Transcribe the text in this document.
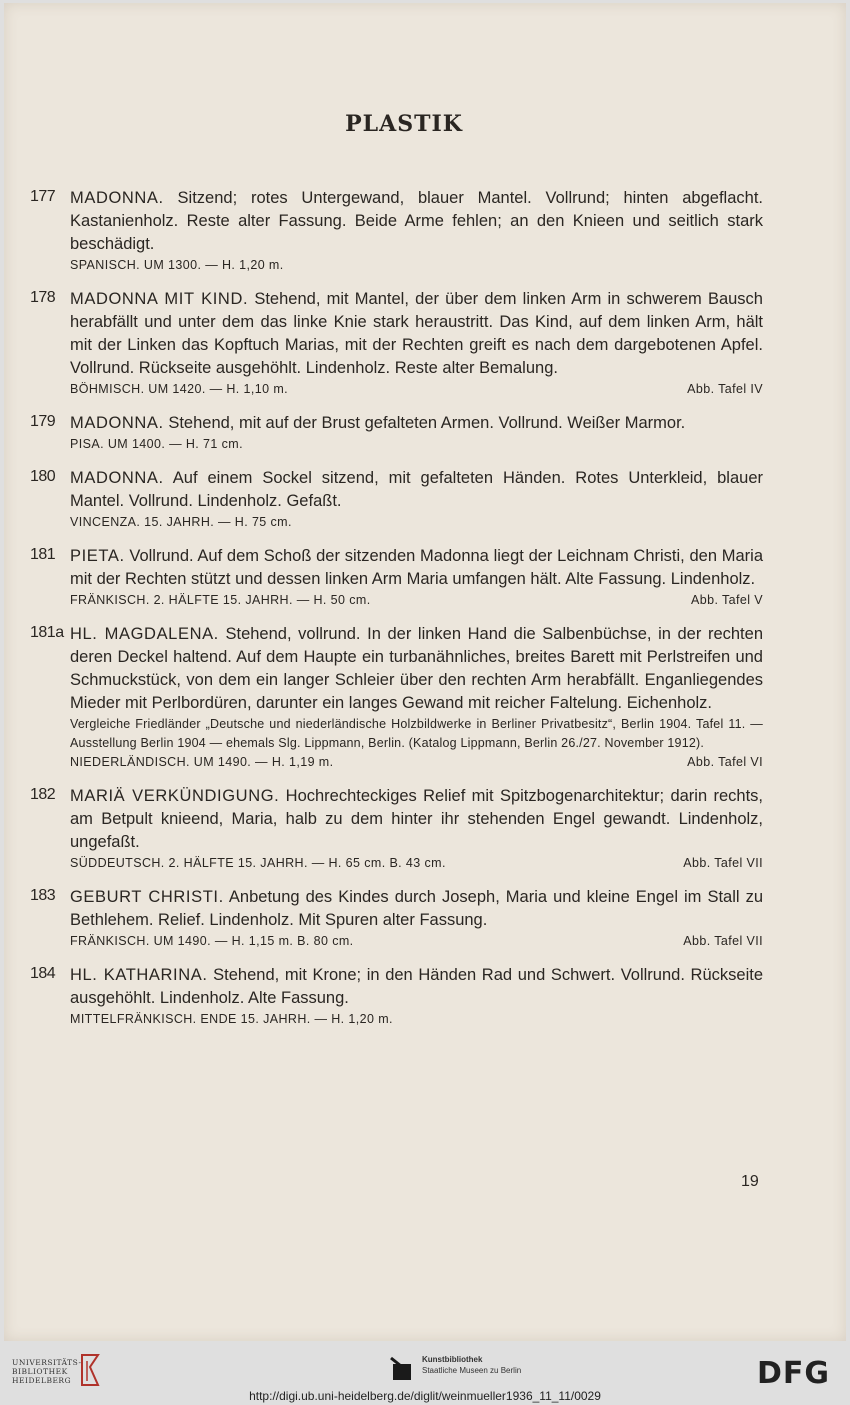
PLASTIK
177 MADONNA. Sitzend; rotes Untergewand, blauer Mantel. Vollrund; hinten abgeflacht. Kastanienholz. Reste alter Fassung. Beide Arme fehlen; an den Knieen und seitlich stark beschädigt.

SPANISCH. UM 1300. — H. 1,20 m.
178 MADONNA MIT KIND. Stehend, mit Mantel, der über dem linken Arm in schwerem Bausch herabfällt und unter dem das linke Knie stark heraustritt. Das Kind, auf dem linken Arm, hält mit der Linken das Kopftuch Marias, mit der Rechten greift es nach dem dargebotenen Apfel. Vollrund. Rückseite ausgehöhlt. Lindenholz. Reste alter Bemalung.

BÖHMISCH. UM 1420. — H. 1,10 m.	Abb. Tafel IV
179 MADONNA. Stehend, mit auf der Brust gefalteten Armen. Vollrund. Weißer Marmor.

PISA. UM 1400. — H. 71 cm.
180 MADONNA. Auf einem Sockel sitzend, mit gefalteten Händen. Rotes Unterkleid, blauer Mantel. Vollrund. Lindenholz. Gefaßt.

VINCENZA. 15. JAHRH. — H. 75 cm.
181 PIETA. Vollrund. Auf dem Schoß der sitzenden Madonna liegt der Leichnam Christi, den Maria mit der Rechten stützt und dessen linken Arm Maria umfangen hält. Alte Fassung. Lindenholz.

FRÄNKISCH. 2. HÄLFTE 15. JAHRH. — H. 50 cm.	Abb. Tafel V
181a HL. MAGDALENA. Stehend, vollrund. In der linken Hand die Salbenbüchse, in der rechten deren Deckel haltend. Auf dem Haupte ein turbanähnliches, breites Barett mit Perlstreifen und Schmuckstück, von dem ein langer Schleier über den rechten Arm herabfällt. Enganliegendes Mieder mit Perlbordüren, darunter ein langes Gewand mit reicher Faltelung. Eichenholz.

Vergleiche Friedländer „Deutsche und niederländische Holzbildwerke in Berliner Privatbesitz“, Berlin 1904. Tafel 11. — Ausstellung Berlin 1904 — ehemals Slg. Lippmann, Berlin. (Katalog Lippmann, Berlin 26./27. November 1912).

NIEDERLÄNDISCH. UM 1490. — H. 1,19 m.	Abb. Tafel VI
182 MARIÄ VERKÜNDIGUNG. Hochrechteckiges Relief mit Spitzbogenarchitektur; darin rechts, am Betpult knieend, Maria, halb zu dem hinter ihr stehenden Engel gewandt. Lindenholz, ungefaßt.

SÜDDEUTSCH. 2. HÄLFTE 15. JAHRH. — H. 65 cm. B. 43 cm.	Abb. Tafel VII
183 GEBURT CHRISTI. Anbetung des Kindes durch Joseph, Maria und kleine Engel im Stall zu Bethlehem. Relief. Lindenholz. Mit Spuren alter Fassung.

FRÄNKISCH. UM 1490. — H. 1,15 m. B. 80 cm.	Abb. Tafel VII
184 HL. KATHARINA. Stehend, mit Krone; in den Händen Rad und Schwert. Vollrund. Rückseite ausgehöhlt. Lindenholz. Alte Fassung.

MITTELFRÄNKISCH. ENDE 15. JAHRH. — H. 1,20 m.
19
UNIVERSITÄTS-
BIBLIOTHEK
HEIDELBERG
Kunstbibliothek
Staatliche Museen zu Berlin	DFG
http://digi.ub.uni-heidelberg.de/diglit/weinmueller1936_11_11/0029
